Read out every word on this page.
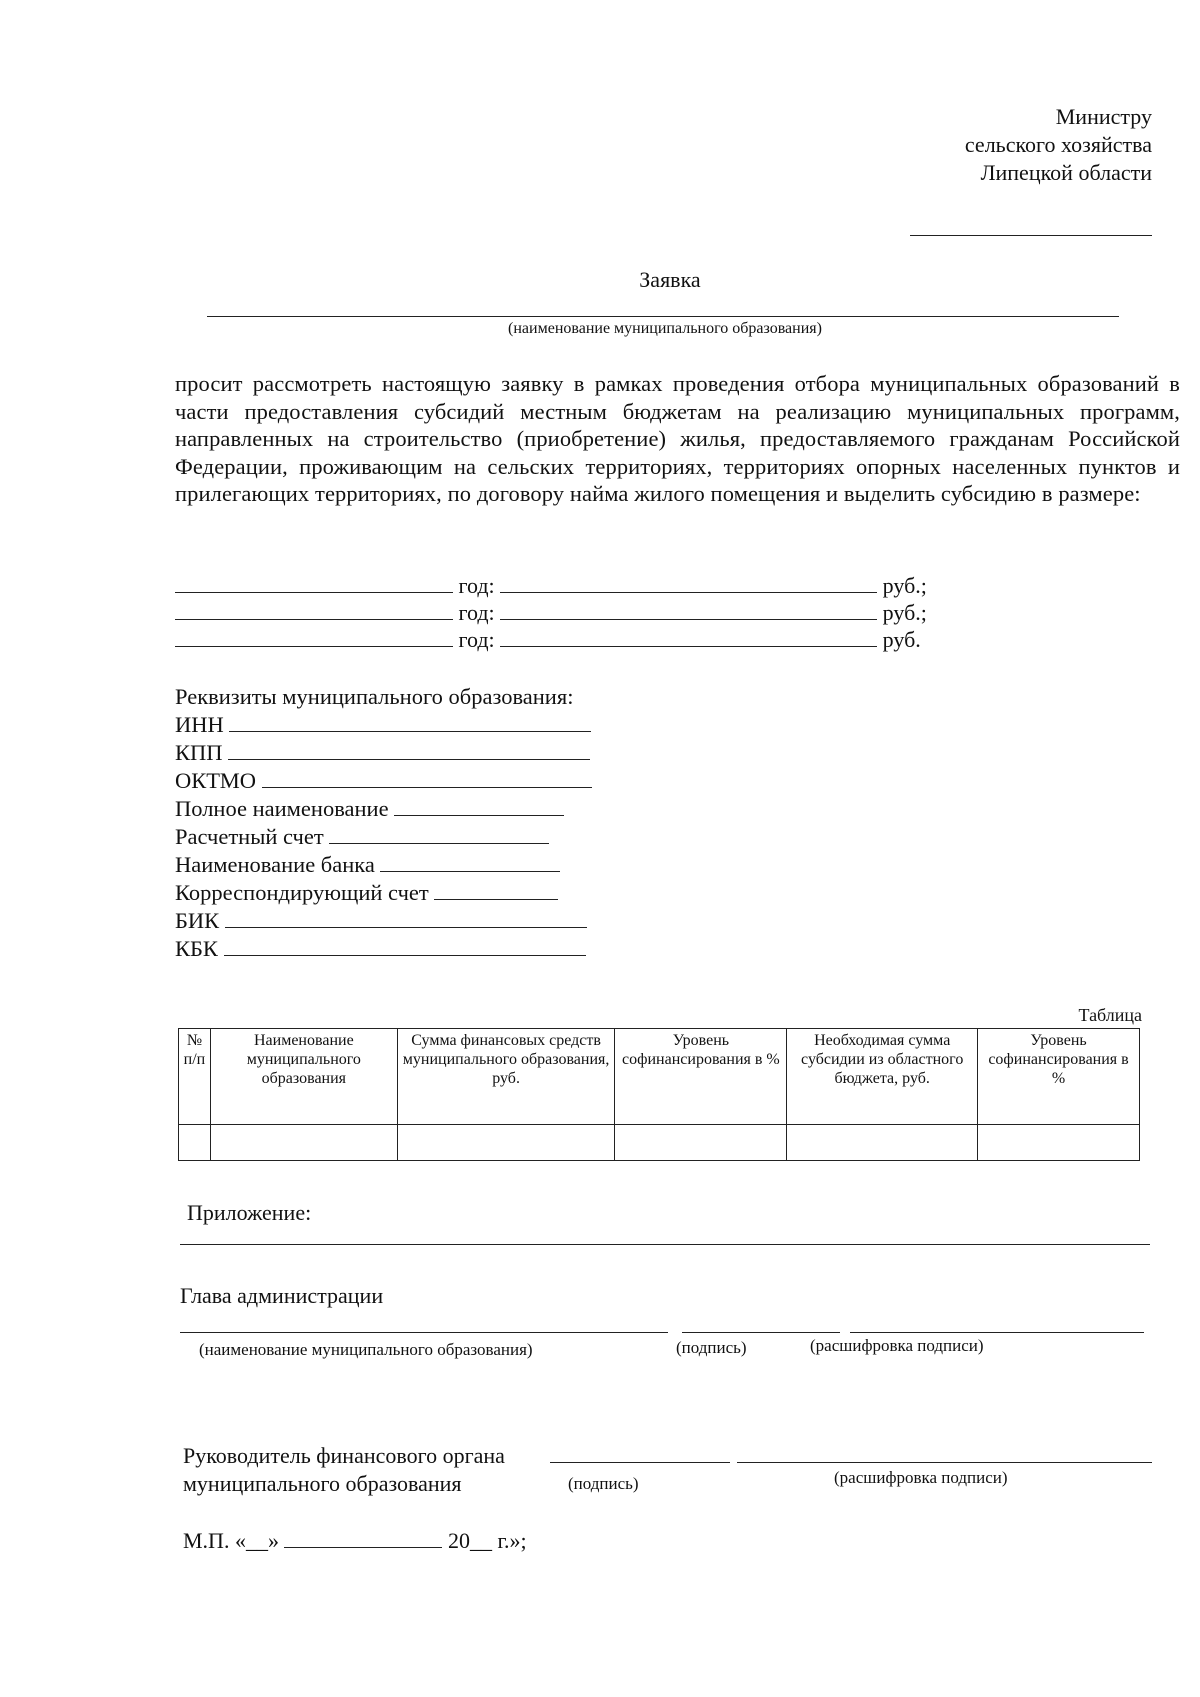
Министру
сельского хозяйства
Липецкой области
Заявка
(наименование муниципального образования)
просит рассмотреть настоящую заявку в рамках проведения отбора муниципальных образований в части предоставления субсидий местным бюджетам на реализацию муниципальных программ, направленных на строительство (приобретение) жилья, предоставляемого гражданам Российской Федерации, проживающим на сельских территориях, территориях опорных населенных пунктов и прилегающих территориях, по договору найма жилого помещения и выделить субсидию в размере:
год:	руб.;
год:	руб.;
год:	руб.
Реквизиты муниципального образования:
ИНН
КПП
ОКТМО
Полное наименование
Расчетный счет
Наименование банка
Корреспондирующий счет
БИК
КБК
Таблица
№ п/п	Наименование муниципального образования	Сумма финансовых средств муниципального образования, руб.	Уровень софинансирования в %	Необходимая сумма субсидии из областного бюджета, руб.	Уровень софинансирования в %

Приложение:
Глава администрации
(наименование муниципального образования)	(подпись)	(расшифровка подписи)
Руководитель финансового органа
муниципального образования	(подпись)	(расшифровка подписи)
М.П. «__»	20__ г.»;
